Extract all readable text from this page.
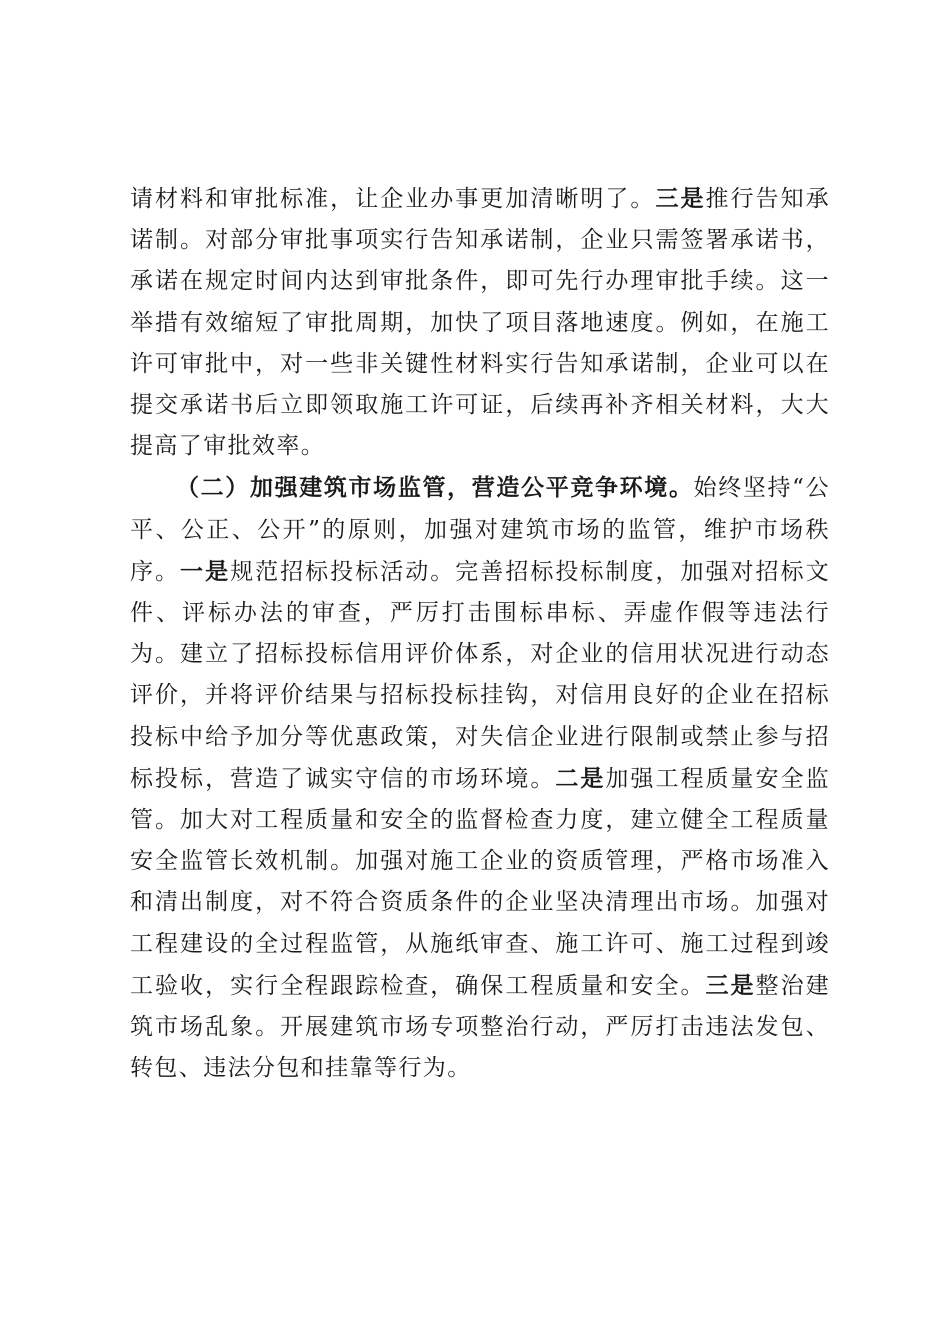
请材料和审批标准，让企业办事更加清晰明了。三是推行告知承诺制。对部分审批事项实行告知承诺制，企业只需签署承诺书，承诺在规定时间内达到审批条件，即可先行办理审批手续。这一举措有效缩短了审批周期，加快了项目落地速度。例如，在施工许可审批中，对一些非关键性材料实行告知承诺制，企业可以在提交承诺书后立即领取施工许可证，后续再补齐相关材料，大大提高了审批效率。

（二）加强建筑市场监管，营造公平竞争环境。始终坚持“公平、公正、公开”的原则，加强对建筑市场的监管，维护市场秩序。一是规范招标投标活动。完善招标投标制度，加强对招标文件、评标办法的审查，严厉打击围标串标、弄虚作假等违法行为。建立了招标投标信用评价体系，对企业的信用状况进行动态评价，并将评价结果与招标投标挂钩，对信用良好的企业在招标投标中给予加分等优惠政策，对失信企业进行限制或禁止参与招标投标，营造了诚实守信的市场环境。二是加强工程质量安全监管。加大对工程质量和安全的监督检查力度，建立健全工程质量安全监管长效机制。加强对施工企业的资质管理，严格市场准入和清出制度，对不符合资质条件的企业坚决清理出市场。加强对工程建设的全过程监管，从施纸审查、施工许可、施工过程到竣工验收，实行全程跟踪检查，确保工程质量和安全。三是整治建筑市场乱象。开展建筑市场专项整治行动，严厉打击违法发包、转包、违法分包和挂靠等行为。
